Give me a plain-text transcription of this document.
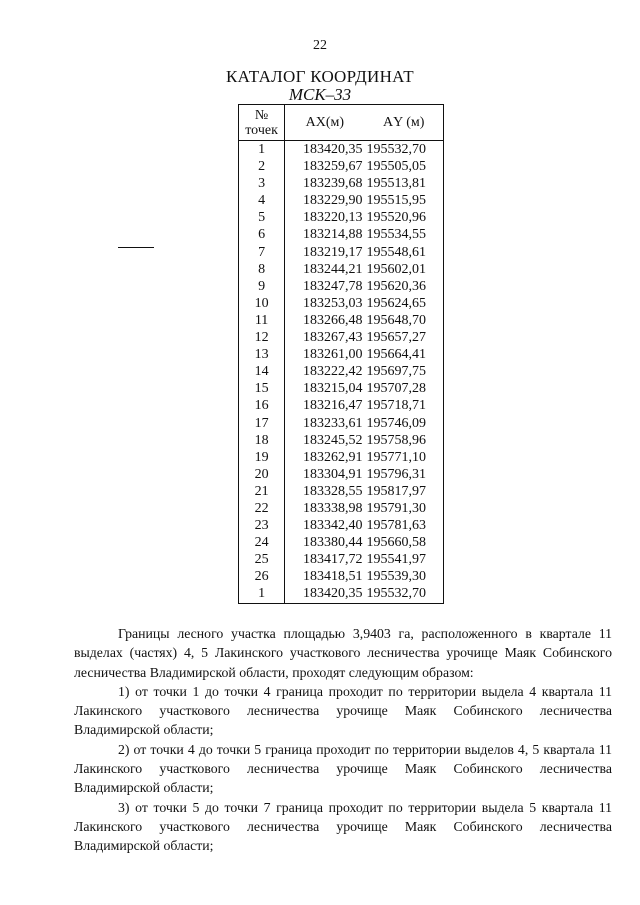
22
КАТАЛОГ КООРДИНАТ
МСК–33
№ точек	АХ(м)	АY (м)
1	183420,35	195532,70
2	183259,67	195505,05
3	183239,68	195513,81
4	183229,90	195515,95
5	183220,13	195520,96
6	183214,88	195534,55
7	183219,17	195548,61
8	183244,21	195602,01
9	183247,78	195620,36
10	183253,03	195624,65
11	183266,48	195648,70
12	183267,43	195657,27
13	183261,00	195664,41
14	183222,42	195697,75
15	183215,04	195707,28
16	183216,47	195718,71
17	183233,61	195746,09
18	183245,52	195758,96
19	183262,91	195771,10
20	183304,91	195796,31
21	183328,55	195817,97
22	183338,98	195791,30
23	183342,40	195781,63
24	183380,44	195660,58
25	183417,72	195541,97
26	183418,51	195539,30
1	183420,35	195532,70

Границы лесного участка площадью 3,9403 га, расположенного в квартале 11 выделах (частях) 4, 5 Лакинского участкового лесничества урочище Маяк Собинского лесничества Владимирской области, проходят следующим образом:

1) от точки 1 до точки 4 граница проходит по территории выдела 4 квартала 11 Лакинского участкового лесничества урочище Маяк Собинского лесничества Владимирской области;

2) от точки 4 до точки 5 граница проходит по территории выделов 4, 5 квартала 11 Лакинского участкового лесничества урочище Маяк Собинского лесничества Владимирской области;

3) от точки 5 до точки 7 граница проходит по территории выдела 5 квартала 11 Лакинского участкового лесничества урочище Маяк Собинского лесничества Владимирской области;
